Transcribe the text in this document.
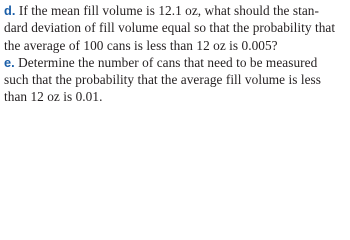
d. If the mean fill volume is 12.1 oz, what should the stan-
dard deviation of fill volume equal so that the probability that
the average of 100 cans is less than 12 oz is 0.005?

e. Determine the number of cans that need to be measured
such that the probability that the average fill volume is less
than 12 oz is 0.01.
